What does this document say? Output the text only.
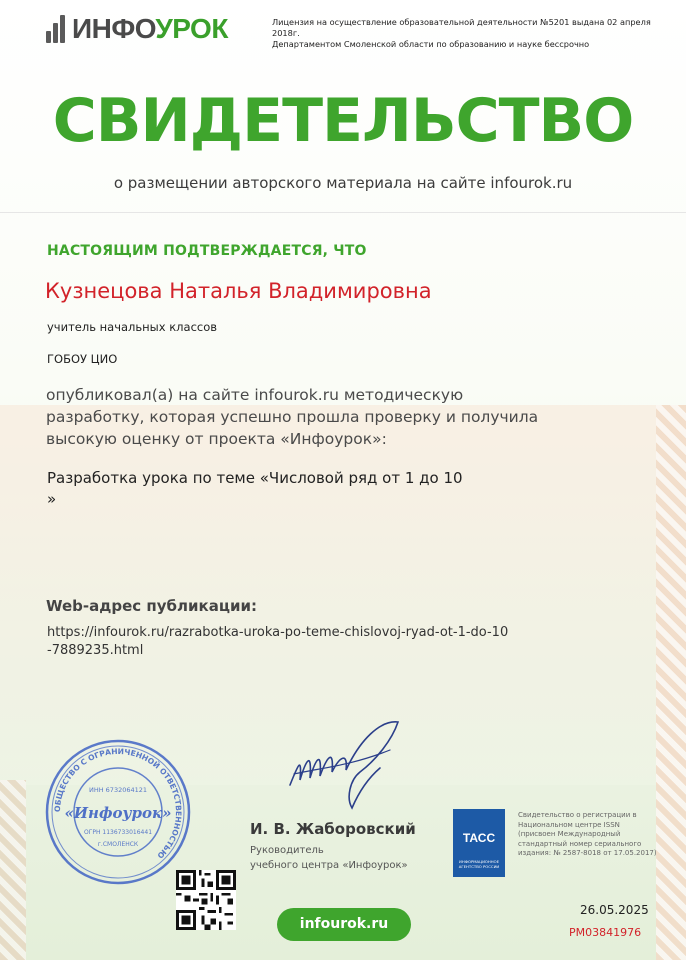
ИНФОУРОК	Лицензия на осуществление образовательной деятельности №5201 выдана 02 апреля 2018г.
Департаментом Смоленской области по образованию и науке бессрочно
СВИДЕТЕЛЬСТВО
о размещении авторского материала на сайте infourok.ru
НАСТОЯЩИМ ПОДТВЕРЖДАЕТСЯ, ЧТО
Кузнецова Наталья Владимировна
учитель начальных классов
ГОБОУ ЦИО
опубликовал(а) на сайте infourok.ru методическую разработку, которая успешно прошла проверку и получила высокую оценку от проекта «Инфоурок»:
Разработка урока по теме «Числовой ряд от 1 до 10
»
Web-адрес публикации:
https://infourok.ru/razrabotka-uroka-po-teme-chislovoj-ryad-ot-1-do-10
-7889235.html
ОБЩЕСТВО С ОГРАНИЧЕННОЙ ОТВЕТСТВЕННОСТЬЮ
ИНН 6732064121
«Инфоурок»
ОГРН 1136733016441
г.СМОЛЕНСК
И. В. Жаборовский
Руководитель
учебного центра «Инфоурок»
ТАСС
ИНФОРМАЦИОННОЕ АГЕНТСТВО РОССИИ
Свидетельство о регистрации в Национальном центре ISSN (присвоен Международный стандартный номер сериального издания: № 2587-8018 от 17.05.2017)
infourok.ru
26.05.2025
PM03841976
